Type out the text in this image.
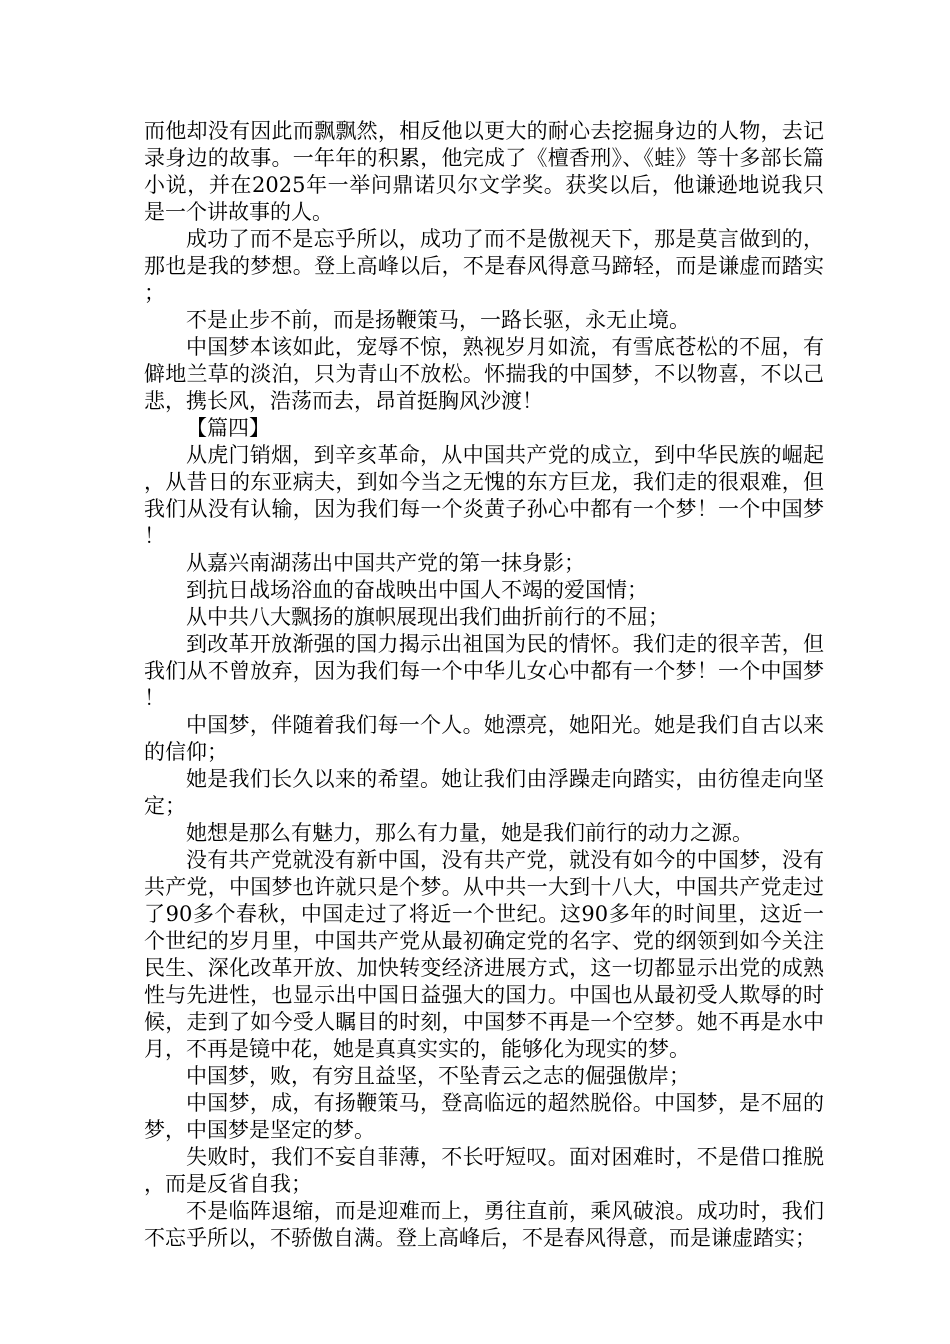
而他却没有因此而飘飘然，相反他以更大的耐心去挖掘身边的人物，去记录身边的故事。一年年的积累，他完成了《檀香刑》、《蛙》等十多部长篇小说，并在2025年一举问鼎诺贝尔文学奖。获奖以后，他谦逊地说我只是一个讲故事的人。

成功了而不是忘乎所以，成功了而不是傲视天下，那是莫言做到的，那也是我的梦想。登上高峰以后，不是春风得意马蹄轻，而是谦虚而踏实；

不是止步不前，而是扬鞭策马，一路长驱，永无止境。

中国梦本该如此，宠辱不惊，熟视岁月如流，有雪底苍松的不屈，有僻地兰草的淡泊，只为青山不放松。怀揣我的中国梦，不以物喜，不以己悲，携长风，浩荡而去，昂首挺胸风沙渡！

【篇四】

从虎门销烟，到辛亥革命，从中国共产党的成立，到中华民族的崛起，从昔日的东亚病夫，到如今当之无愧的东方巨龙，我们走的很艰难，但我们从没有认输，因为我们每一个炎黄子孙心中都有一个梦！一个中国梦！

从嘉兴南湖荡出中国共产党的第一抹身影；

到抗日战场浴血的奋战映出中国人不竭的爱国情；

从中共八大飘扬的旗帜展现出我们曲折前行的不屈；

到改革开放渐强的国力揭示出祖国为民的情怀。我们走的很辛苦，但我们从不曾放弃，因为我们每一个中华儿女心中都有一个梦！一个中国梦！

中国梦，伴随着我们每一个人。她漂亮，她阳光。她是我们自古以来的信仰；

她是我们长久以来的希望。她让我们由浮躁走向踏实，由彷徨走向坚定；

她想是那么有魅力，那么有力量，她是我们前行的动力之源。

没有共产党就没有新中国，没有共产党，就没有如今的中国梦，没有共产党，中国梦也许就只是个梦。从中共一大到十八大，中国共产党走过了90多个春秋，中国走过了将近一个世纪。这90多年的时间里，这近一个世纪的岁月里，中国共产党从最初确定党的名字、党的纲领到如今关注民生、深化改革开放、加快转变经济进展方式，这一切都显示出党的成熟性与先进性，也显示出中国日益强大的国力。中国也从最初受人欺辱的时候，走到了如今受人瞩目的时刻，中国梦不再是一个空梦。她不再是水中月，不再是镜中花，她是真真实实的，能够化为现实的梦。

中国梦，败，有穷且益坚，不坠青云之志的倔强傲岸；

中国梦，成，有扬鞭策马，登高临远的超然脱俗。中国梦，是不屈的梦，中国梦是坚定的梦。

失败时，我们不妄自菲薄，不长吁短叹。面对困难时，不是借口推脱，而是反省自我；

不是临阵退缩，而是迎难而上，勇往直前，乘风破浪。成功时，我们不忘乎所以，不骄傲自满。登上高峰后，不是春风得意，而是谦虚踏实；
